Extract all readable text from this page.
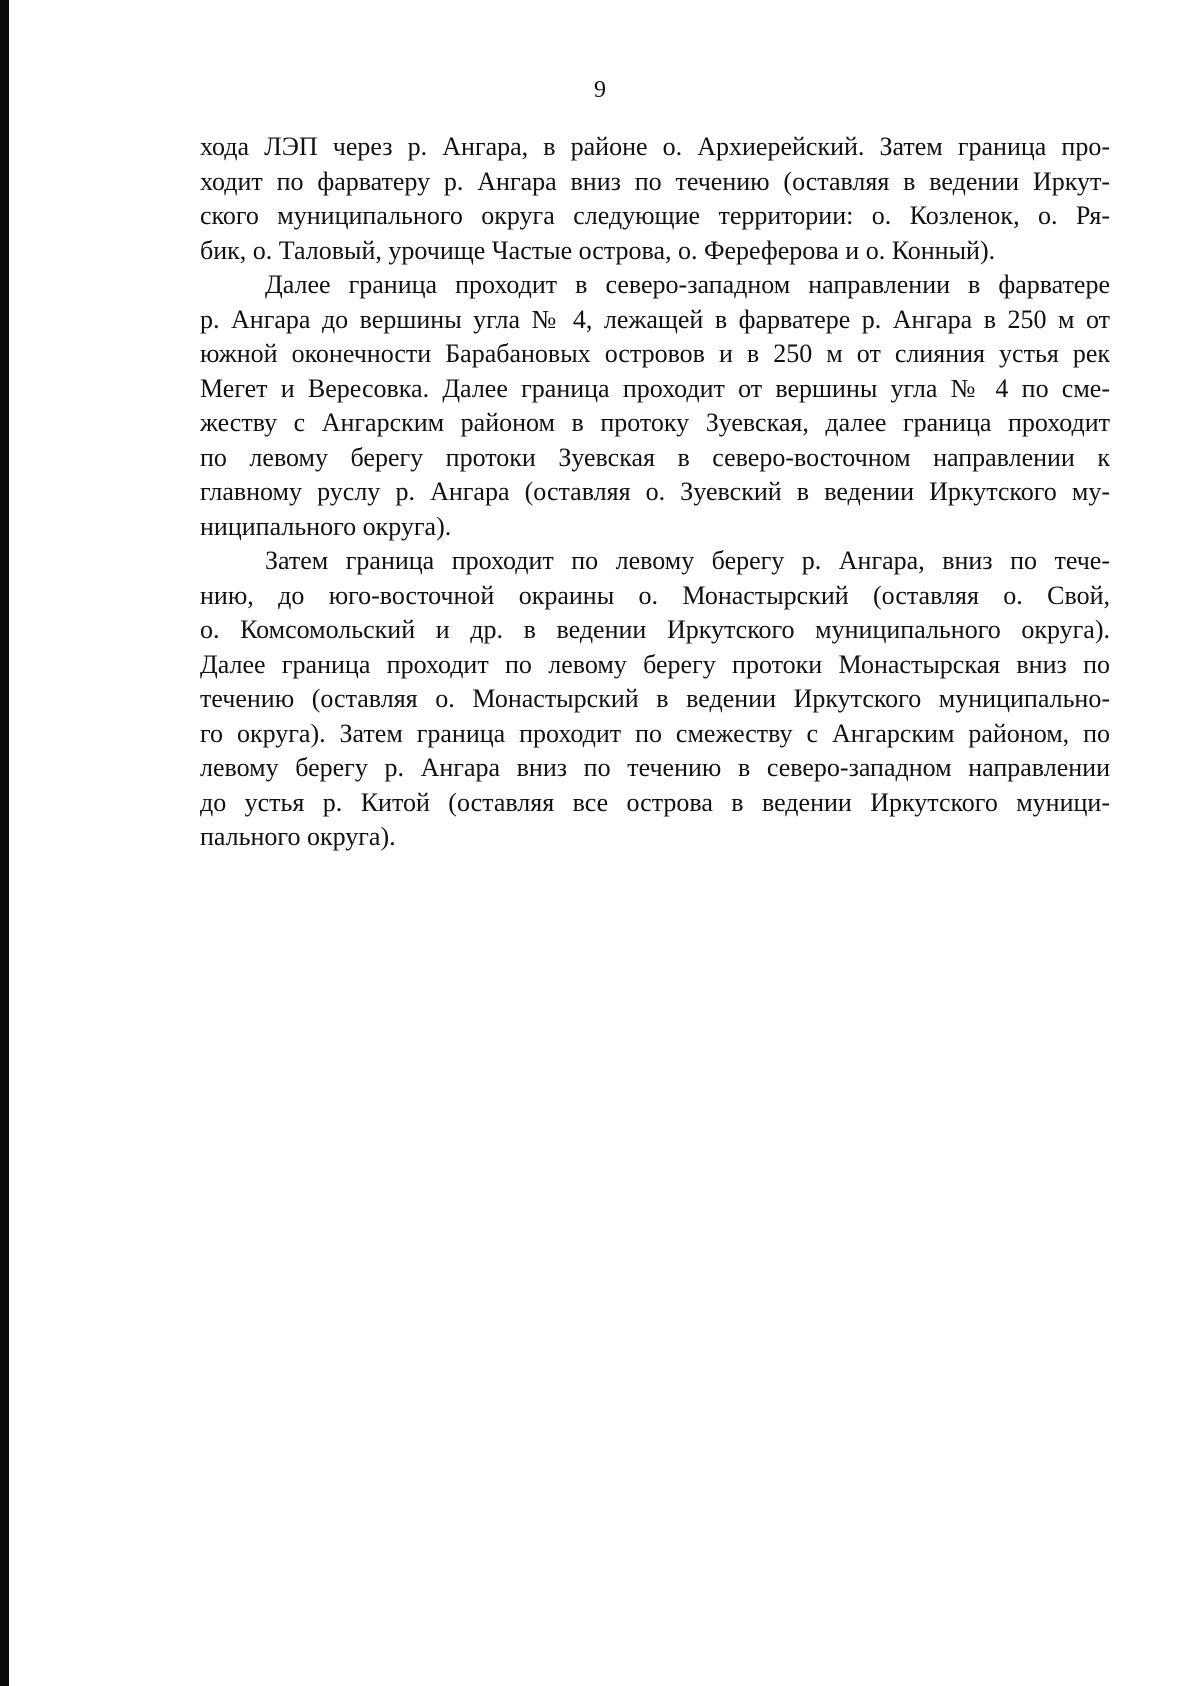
9
хода ЛЭП через р. Ангара, в районе о. Архиерейский. Затем граница про-
ходит по фарватеру р. Ангара вниз по течению (оставляя в ведении Иркут-
ского муниципального округа следующие территории: о. Козленок, о. Ря-
бик, о. Таловый, урочище Частые острова, о. Фереферова и о. Конный).
Далее граница проходит в северо-западном направлении в фарватере
р. Ангара до вершины угла № 4, лежащей в фарватере р. Ангара в 250 м от
южной оконечности Барабановых островов и в 250 м от слияния устья рек
Мегет и Вересовка. Далее граница проходит от вершины угла № 4 по сме-
жеству с Ангарским районом в протоку Зуевская, далее граница проходит
по левому берегу протоки Зуевская в северо-восточном направлении к
главному руслу р. Ангара (оставляя о. Зуевский в ведении Иркутского му-
ниципального округа).
Затем граница проходит по левому берегу р. Ангара, вниз по тече-
нию, до юго-восточной окраины о. Монастырский (оставляя о. Свой,
о. Комсомольский и др. в ведении Иркутского муниципального округа).
Далее граница проходит по левому берегу протоки Монастырская вниз по
течению (оставляя о. Монастырский в ведении Иркутского муниципально-
го округа). Затем граница проходит по смежеству с Ангарским районом, по
левому берегу р. Ангара вниз по течению в северо-западном направлении
до устья р. Китой (оставляя все острова в ведении Иркутского муници-
пального округа).
